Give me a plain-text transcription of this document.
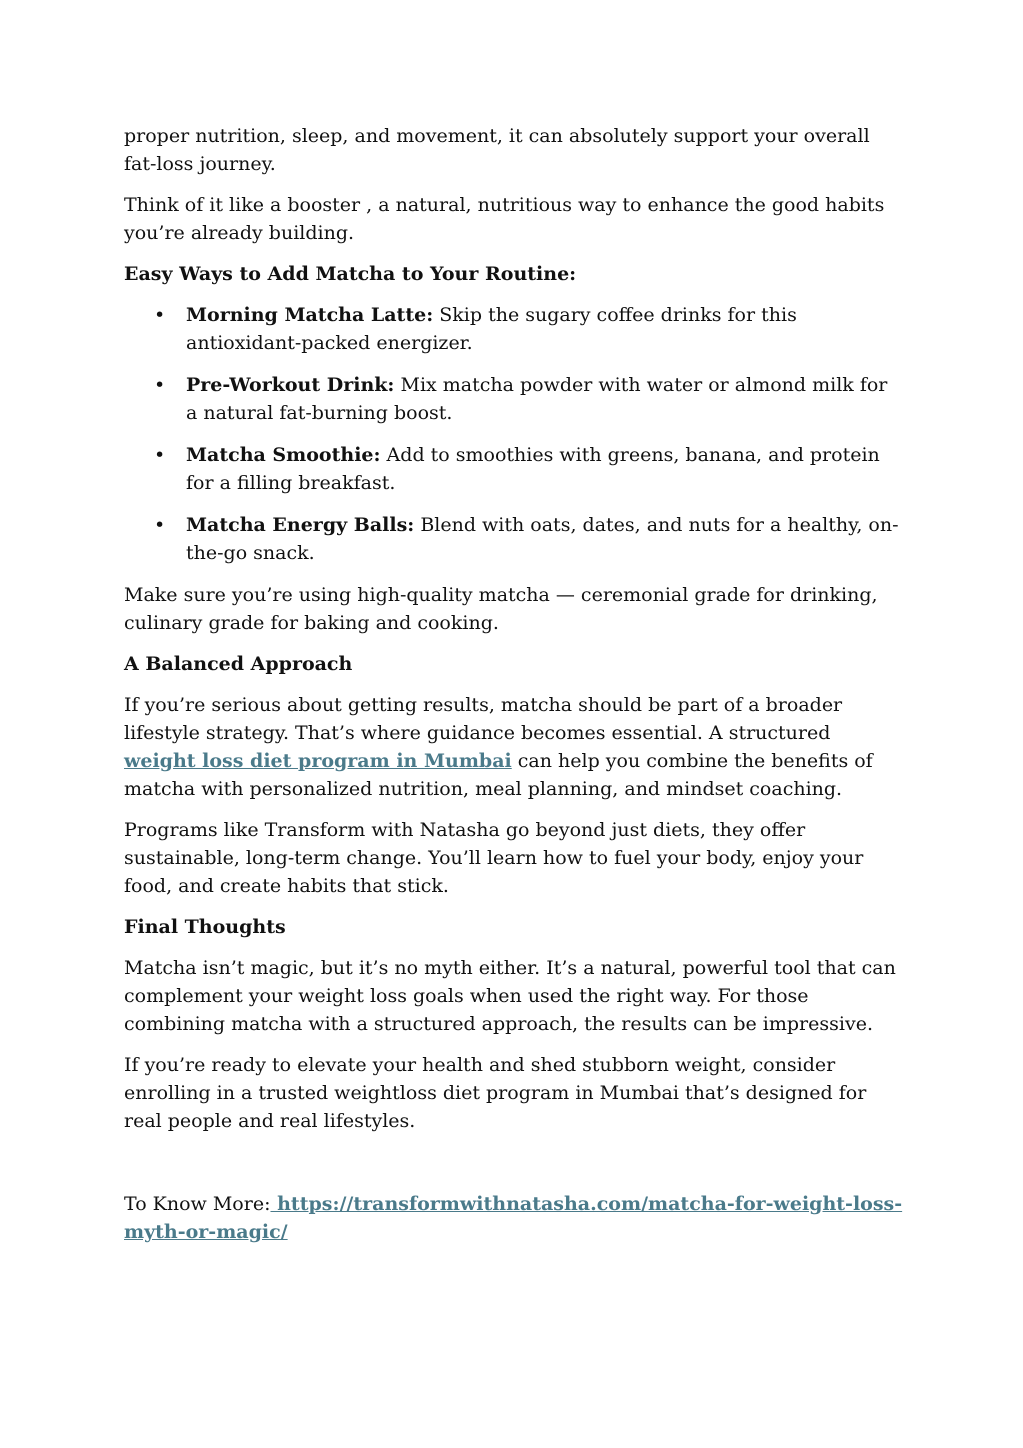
proper nutrition, sleep, and movement, it can absolutely support your overall fat-loss journey.

Think of it like a booster , a natural, nutritious way to enhance the good habits you’re already building.

Easy Ways to Add Matcha to Your Routine:

• Morning Matcha Latte: Skip the sugary coffee drinks for this antioxidant-packed energizer.
• Pre-Workout Drink: Mix matcha powder with water or almond milk for a natural fat-burning boost.
• Matcha Smoothie: Add to smoothies with greens, banana, and protein for a filling breakfast.
• Matcha Energy Balls: Blend with oats, dates, and nuts for a healthy, on-the-go snack.

Make sure you’re using high-quality matcha — ceremonial grade for drinking, culinary grade for baking and cooking.

A Balanced Approach

If you’re serious about getting results, matcha should be part of a broader lifestyle strategy. That’s where guidance becomes essential. A structured weight loss diet program in Mumbai can help you combine the benefits of matcha with personalized nutrition, meal planning, and mindset coaching.

Programs like Transform with Natasha go beyond just diets, they offer sustainable, long-term change. You’ll learn how to fuel your body, enjoy your food, and create habits that stick.

Final Thoughts

Matcha isn’t magic, but it’s no myth either. It’s a natural, powerful tool that can complement your weight loss goals when used the right way. For those combining matcha with a structured approach, the results can be impressive.

If you’re ready to elevate your health and shed stubborn weight, consider enrolling in a trusted weightloss diet program in Mumbai that’s designed for real people and real lifestyles.

To Know More: https://transformwithnatasha.com/matcha-for-weight-loss-myth-or-magic/
